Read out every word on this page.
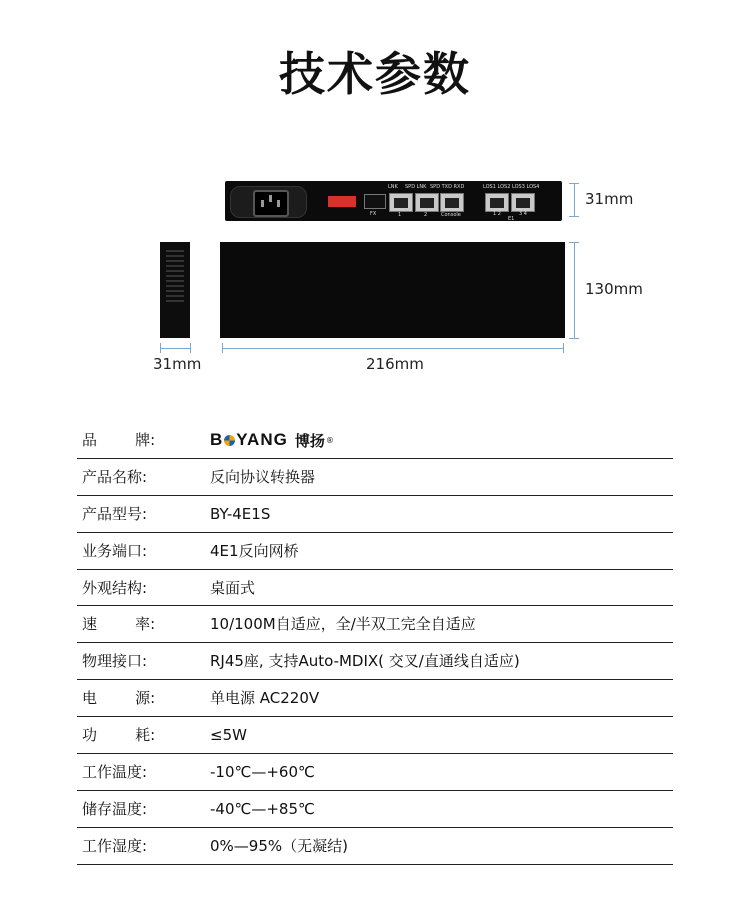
技术参数
FX
LNK SPD LNK SPD TXD RXD
1	2	Console
LOS1 LOS2 LOS3 LOS4
1 2	3 4
E1
31mm
130mm
31mm	216mm
品        牌:	B YANG 博扬 ®
产品名称:	反向协议转换器
产品型号:	BY-4E1S
业务端口:	4E1反向网桥
外观结构:	桌面式
速        率:	10/100M自适应，全/半双工完全自适应
物理接口:	RJ45座, 支持Auto-MDIX( 交叉/直通线自适应)
电        源:	单电源 AC220V
功        耗:	≤5W
工作温度:	-10℃—+60℃
储存温度:	-40℃—+85℃
工作湿度:	0%—95%（无凝结)
